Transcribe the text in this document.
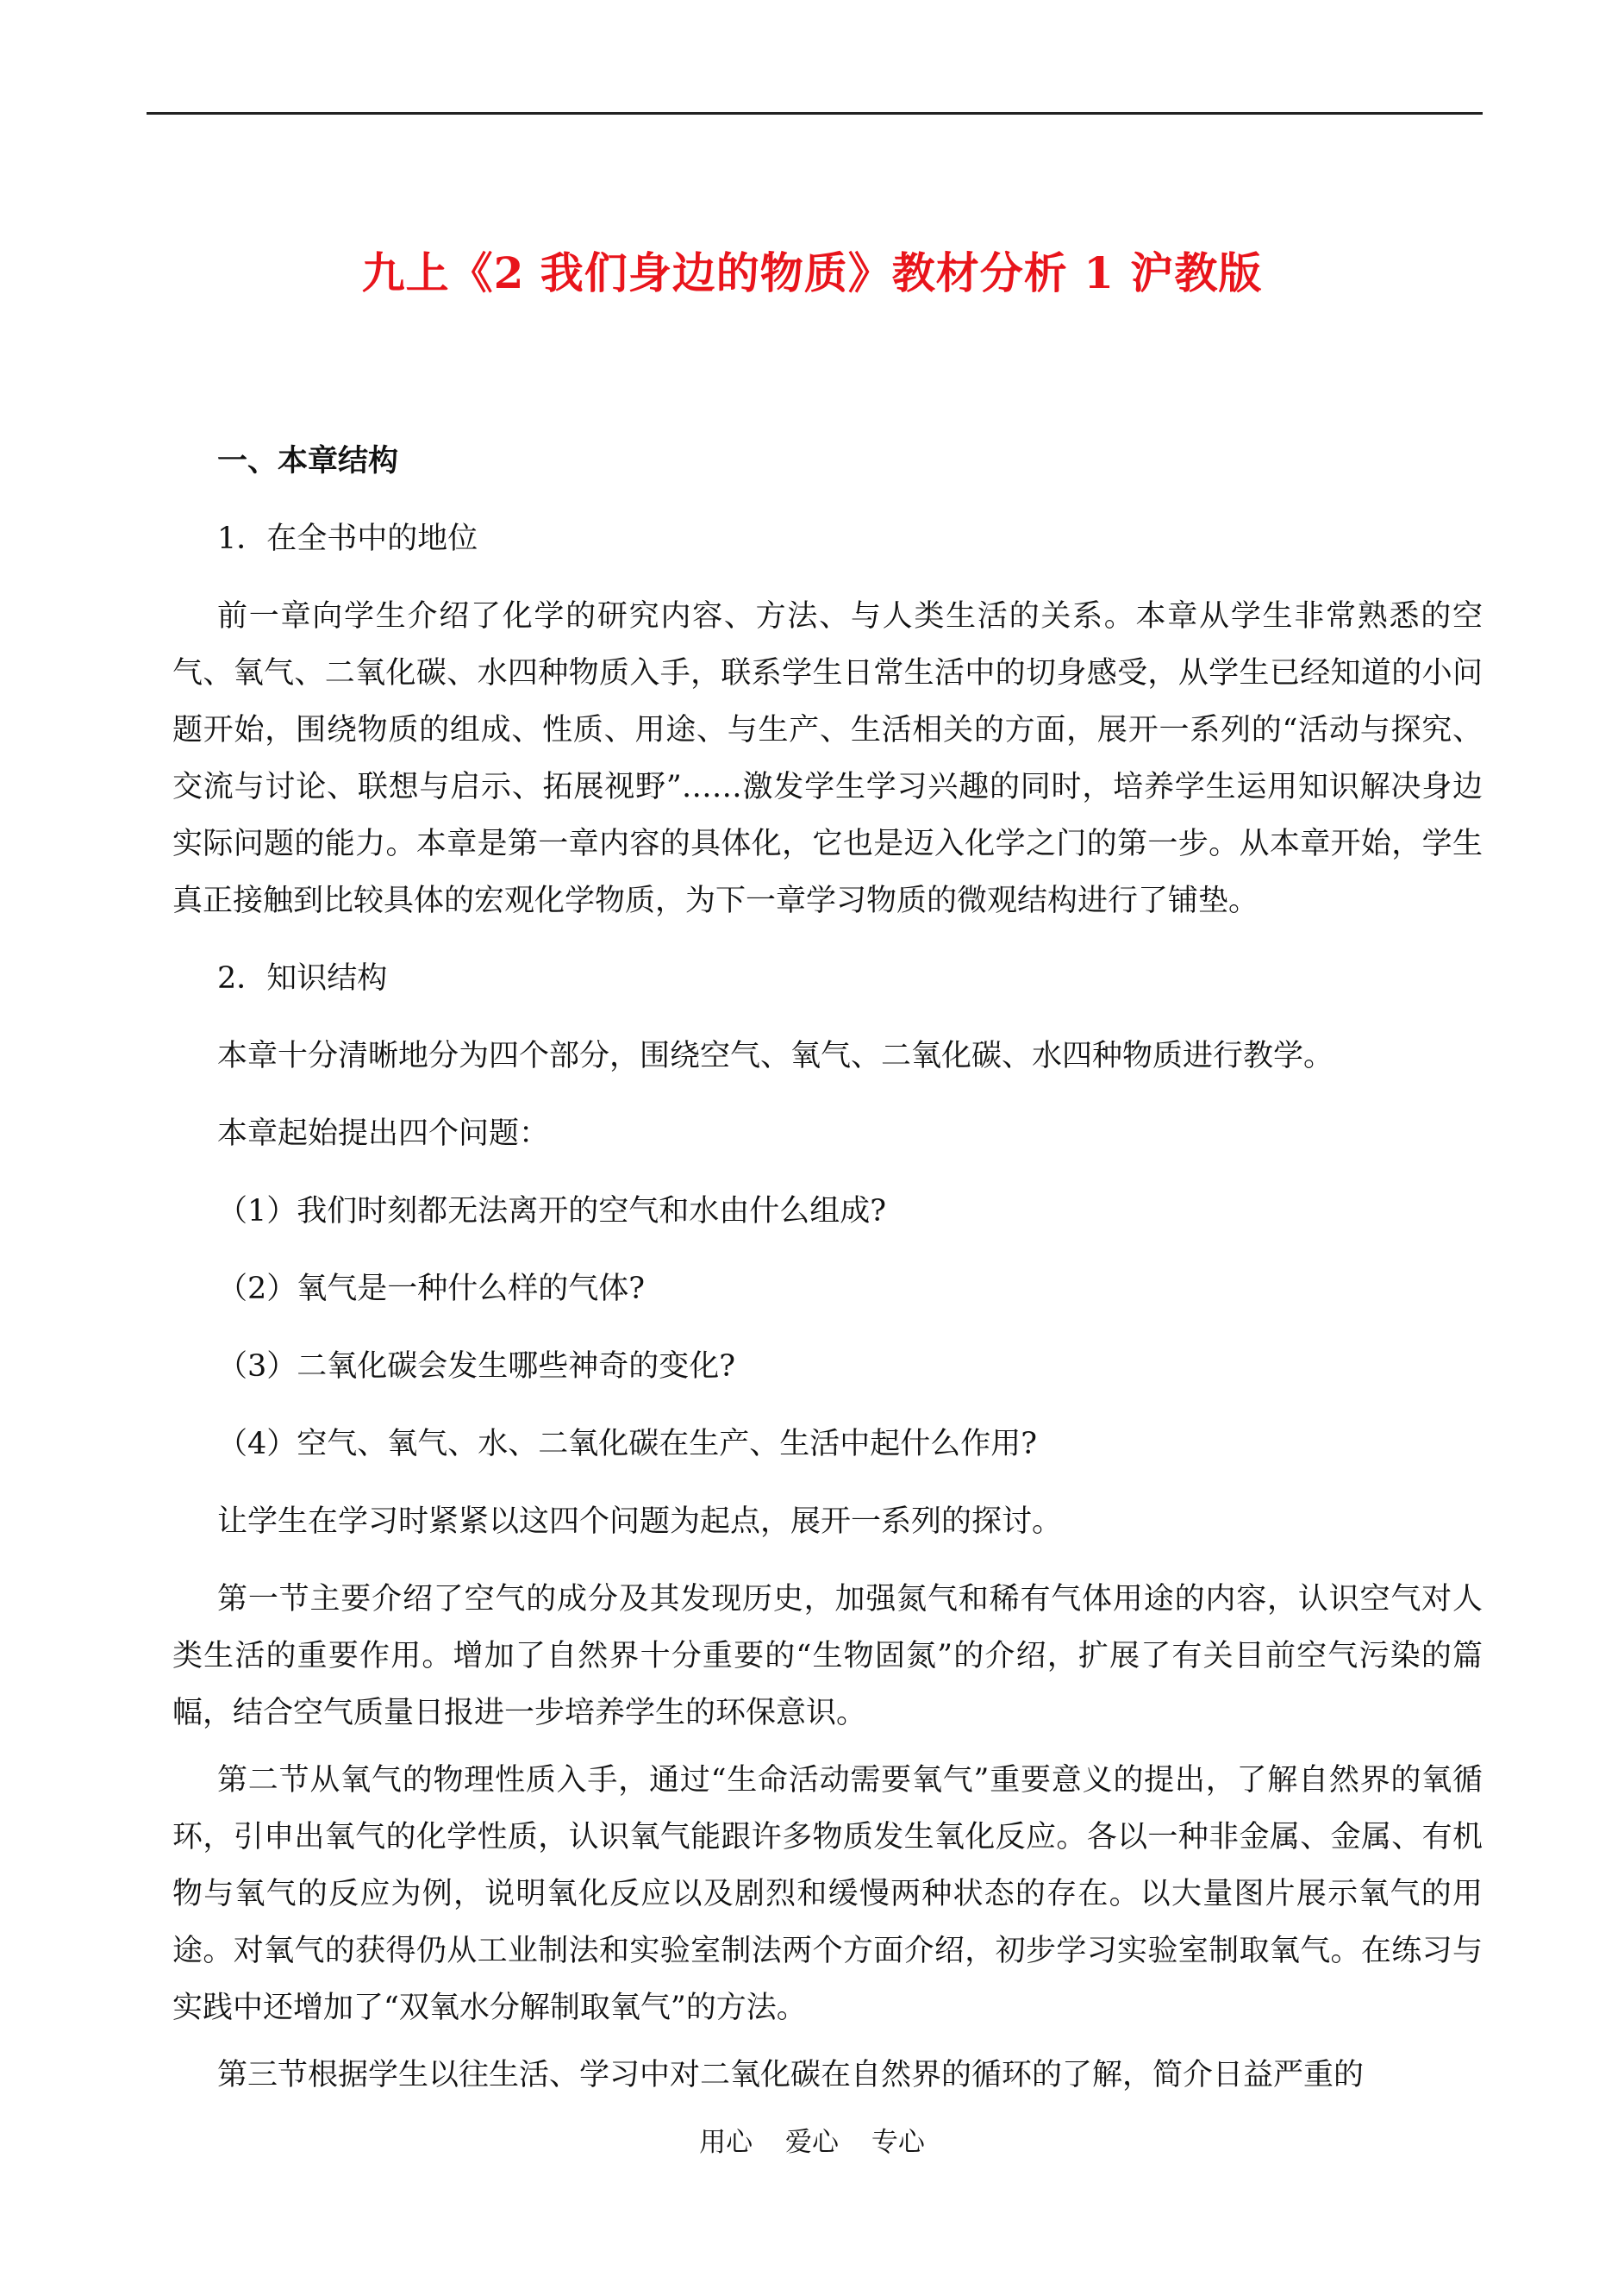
九上《2 我们身边的物质》教材分析 1 沪教版

一、本章结构

1．在全书中的地位

前一章向学生介绍了化学的研究内容、方法、与人类生活的关系。本章从学生非常熟悉的空气、氧气、二氧化碳、水四种物质入手，联系学生日常生活中的切身感受，从学生已经知道的小问题开始，围绕物质的组成、性质、用途、与生产、生活相关的方面，展开一系列的“活动与探究、交流与讨论、联想与启示、拓展视野”……激发学生学习兴趣的同时，培养学生运用知识解决身边实际问题的能力。本章是第一章内容的具体化，它也是迈入化学之门的第一步。从本章开始，学生真正接触到比较具体的宏观化学物质，为下一章学习物质的微观结构进行了铺垫。

2．知识结构

本章十分清晰地分为四个部分，围绕空气、氧气、二氧化碳、水四种物质进行教学。

本章起始提出四个问题：

（1）我们时刻都无法离开的空气和水由什么组成?

（2）氧气是一种什么样的气体?

（3）二氧化碳会发生哪些神奇的变化?

（4）空气、氧气、水、二氧化碳在生产、生活中起什么作用?

让学生在学习时紧紧以这四个问题为起点，展开一系列的探讨。

第一节主要介绍了空气的成分及其发现历史，加强氮气和稀有气体用途的内容，认识空气对人类生活的重要作用。增加了自然界十分重要的“生物固氮”的介绍，扩展了有关目前空气污染的篇幅，结合空气质量日报进一步培养学生的环保意识。

第二节从氧气的物理性质入手，通过“生命活动需要氧气”重要意义的提出，了解自然界的氧循环，引申出氧气的化学性质，认识氧气能跟许多物质发生氧化反应。各以一种非金属、金属、有机物与氧气的反应为例，说明氧化反应以及剧烈和缓慢两种状态的存在。以大量图片展示氧气的用途。对氧气的获得仍从工业制法和实验室制法两个方面介绍，初步学习实验室制取氧气。在练习与实践中还增加了“双氧水分解制取氧气”的方法。

第三节根据学生以往生活、学习中对二氧化碳在自然界的循环的了解，简介日益严重的

用心 爱心 专心
